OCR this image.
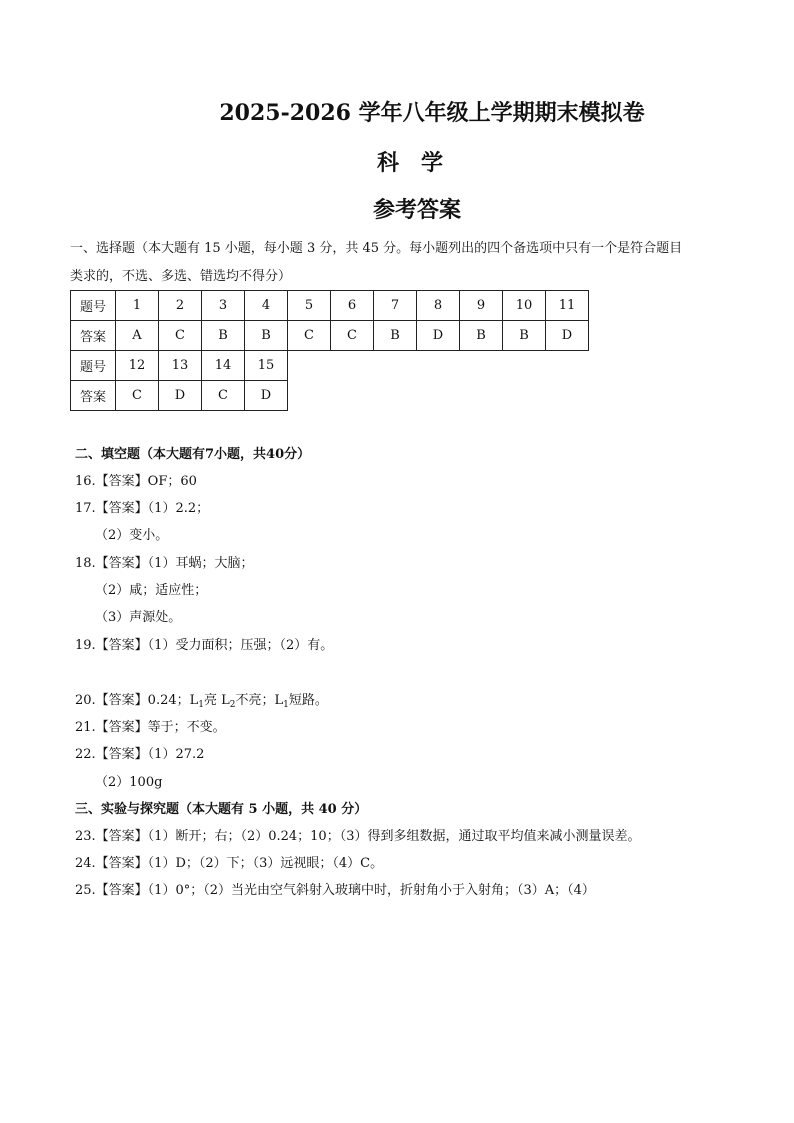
2025-2026 学年八年级上学期期末模拟卷
科学
参考答案
一、选择题（本大题有 15 小题，每小题 3 分，共 45 分。每小题列出的四个备选项中只有一个是符合题目
类求的，不选、多选、错选均不得分）
题号	1	2	3	4	5	6	7	8	9	10	11
答案	A	C	B	B	C	C	B	D	B	B	D
题号	12	13	14	15							
答案	C	D	C	D							
二、填空题（本大题有7小题，共40分）
16.【答案】OF；60
17.【答案】（1）2.2；
（2）变小。
18.【答案】（1）耳蜗；大脑；
（2）咸；适应性；
（3）声源处。
19.【答案】（1）受力面积；压强；（2）有。
20.【答案】0.24；$L_1$亮 $L_2$不亮；$L_1$短路。
21.【答案】等于；不变。
22.【答案】（1）27.2
（2）100g
三、实验与探究题（本大题有 5 小题，共 40 分）
23.【答案】（1）断开；右；（2）0.24；10；（3）得到多组数据，通过取平均值来减小测量误差。
24.【答案】（1）D；（2）下；（3）远视眼；（4）C。
25.【答案】（1）0°；（2）当光由空气斜射入玻璃中时，折射角小于入射角；（3）A；（4）
